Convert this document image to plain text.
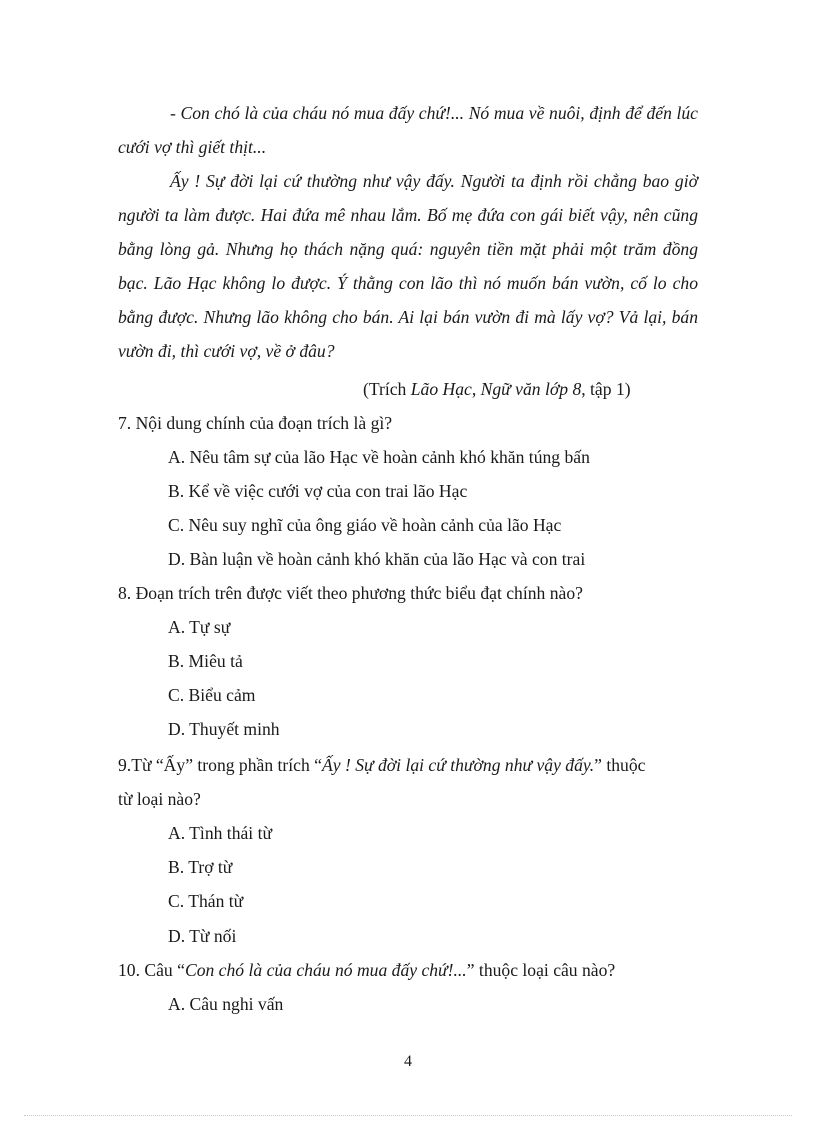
- Con chó là của cháu nó mua đấy chứ!... Nó mua về nuôi, định để đến lúc cưới vợ thì giết thịt...

Ấy ! Sự đời lại cứ thường như vậy đấy. Người ta định rồi chẳng bao giờ người ta làm được. Hai đứa mê nhau lắm. Bố mẹ đứa con gái biết vậy, nên cũng bằng lòng gả. Nhưng họ thách nặng quá: nguyên tiền mặt phải một trăm đồng bạc. Lão Hạc không lo được. Ý thằng con lão thì nó muốn bán vườn, cố lo cho bằng được. Nhưng lão không cho bán. Ai lại bán vườn đi mà lấy vợ? Vả lại, bán vườn đi, thì cưới vợ, về ở đâu?

(Trích Lão Hạc, Ngữ văn lớp 8, tập 1)
7. Nội dung chính của đoạn trích là gì?
A. Nêu tâm sự của lão Hạc về hoàn cảnh khó khăn túng bấn
B. Kể về việc cưới vợ của con trai lão Hạc
C. Nêu suy nghĩ của ông giáo về hoàn cảnh của lão Hạc
D. Bàn luận về hoàn cảnh khó khăn của lão Hạc và con trai
8. Đoạn trích trên được viết theo phương thức biểu đạt chính nào?
A. Tự sự
B. Miêu tả
C. Biểu cảm
D. Thuyết minh
9.Từ “Ấy” trong phần trích “Ấy ! Sự đời lại cứ thường như vậy đấy.” thuộc
từ loại nào?
A. Tình thái từ
B. Trợ từ
C. Thán từ
D. Từ nối
10. Câu “Con chó là của cháu nó mua đấy chứ!...” thuộc loại câu nào?
A. Câu nghi vấn
4
